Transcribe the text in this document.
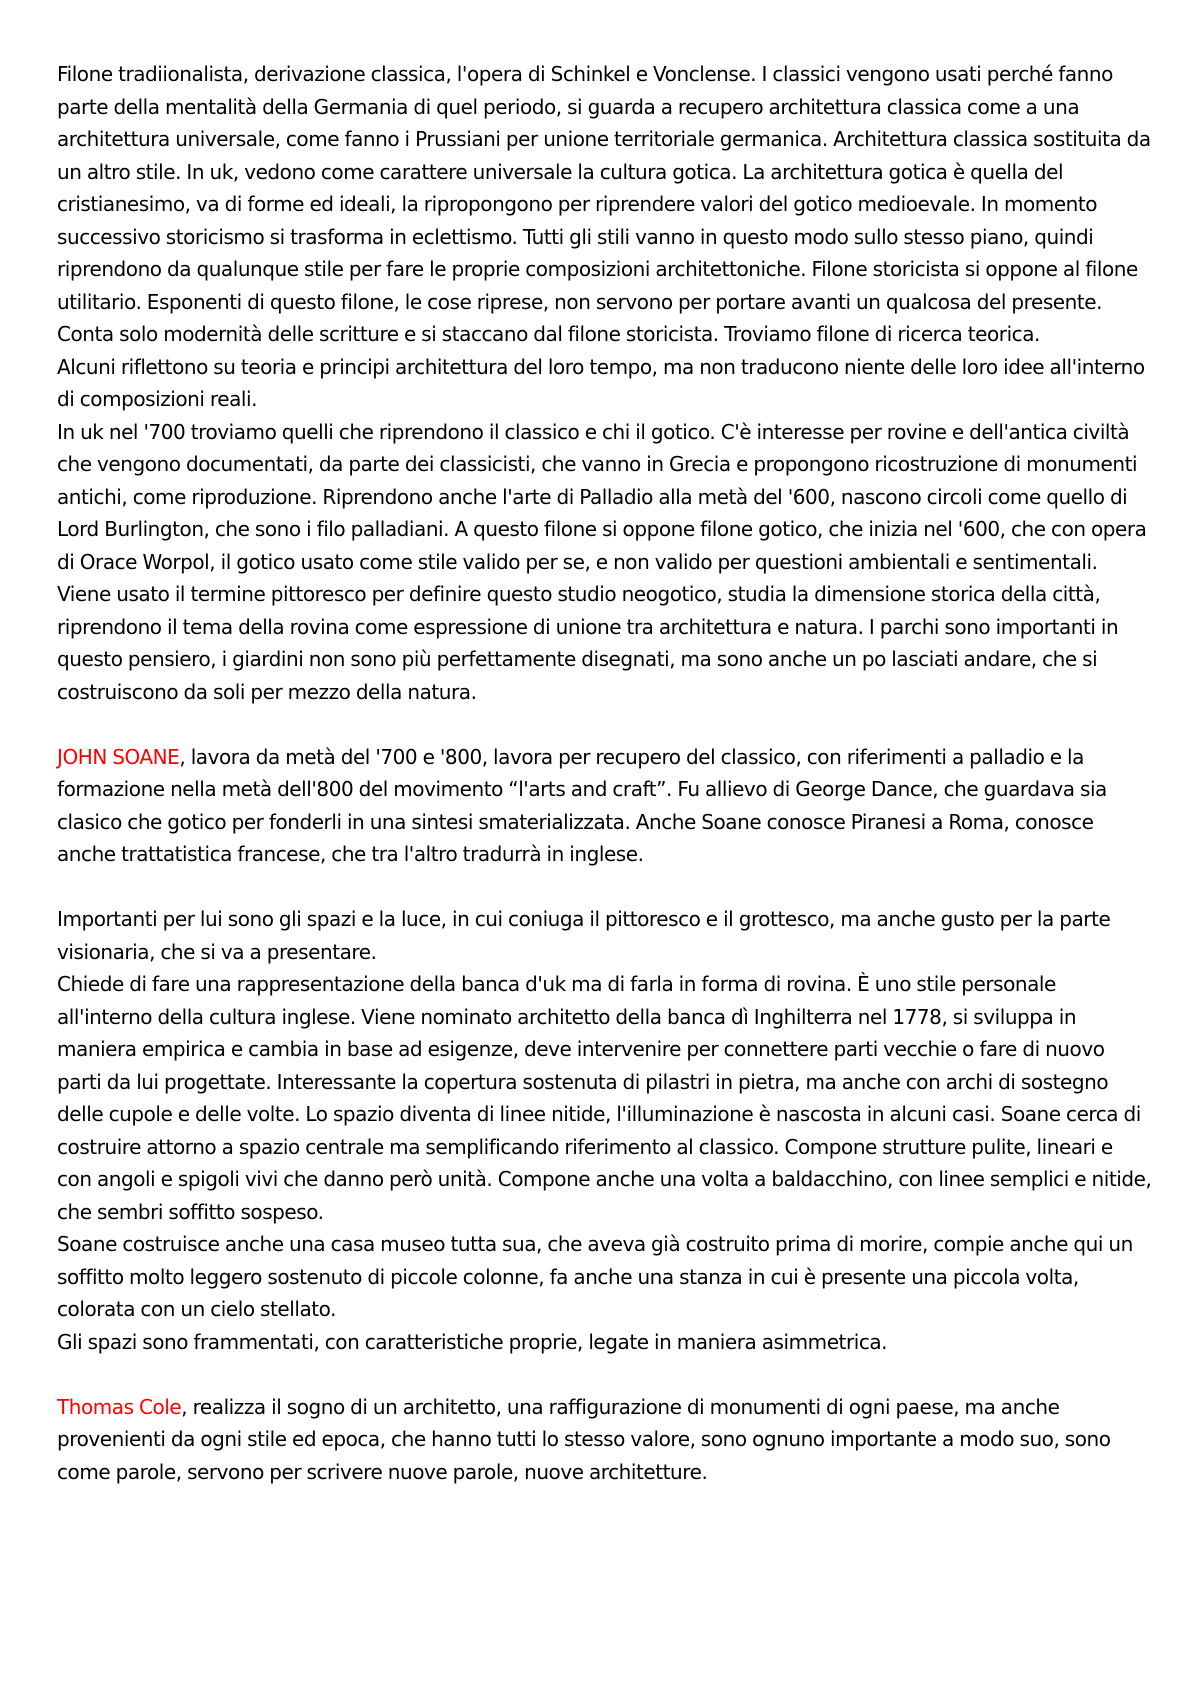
Filone tradiionalista, derivazione classica, l'opera di Schinkel e Vonclense. I classici vengono usati perché fanno parte della mentalità della Germania di quel periodo, si guarda a recupero architettura classica come a una architettura universale, come fanno i Prussiani per unione territoriale germanica. Architettura classica sostituita da un altro stile. In uk, vedono come carattere universale la cultura gotica. La architettura gotica è quella del cristianesimo, va di forme ed ideali, la ripropongono per riprendere valori del gotico medioevale. In momento successivo storicismo si trasforma in eclettismo. Tutti gli stili vanno in questo modo sullo stesso piano, quindi riprendono da qualunque stile per fare le proprie composizioni architettoniche. Filone storicista si oppone al filone utilitario. Esponenti di questo filone, le cose riprese, non servono per portare avanti un qualcosa del presente. Conta solo modernità delle scritture e si staccano dal filone storicista. Troviamo filone di ricerca teorica.

Alcuni riflettono su teoria e principi architettura del loro tempo, ma non traducono niente delle loro idee all'interno di composizioni reali.

In uk nel '700 troviamo quelli che riprendono il classico e chi il gotico. C'è interesse per rovine e dell'antica civiltà che vengono documentati, da parte dei classicisti, che vanno in Grecia e propongono ricostruzione di monumenti antichi, come riproduzione. Riprendono anche l'arte di Palladio alla metà del '600, nascono circoli come quello di Lord Burlington, che sono i filo palladiani. A questo filone si oppone filone gotico, che inizia nel '600, che con opera di Orace Worpol, il gotico usato come stile valido per se, e non valido per questioni ambientali e sentimentali. Viene usato il termine pittoresco per definire questo studio neogotico, studia la dimensione storica della città, riprendono il tema della rovina come espressione di unione tra architettura e natura. I parchi sono importanti in questo pensiero, i giardini non sono più perfettamente disegnati, ma sono anche un po lasciati andare, che si costruiscono da soli per mezzo della natura.

JOHN SOANE, lavora da metà del '700 e '800, lavora per recupero del classico, con riferimenti a palladio e la formazione nella metà dell'800 del movimento “l'arts and craft”. Fu allievo di George Dance, che guardava sia clasico che gotico per fonderli in una sintesi smaterializzata. Anche Soane conosce Piranesi a Roma, conosce anche trattatistica francese, che tra l'altro tradurrà in inglese.

Importanti per lui sono gli spazi e la luce, in cui coniuga il pittoresco e il grottesco, ma anche gusto per la parte visionaria, che si va a presentare.

Chiede di fare una rappresentazione della banca d'uk ma di farla in forma di rovina. È uno stile personale all'interno della cultura inglese. Viene nominato architetto della banca dì Inghilterra nel 1778, si sviluppa in maniera empirica e cambia in base ad esigenze, deve intervenire per connettere parti vecchie o fare di nuovo parti da lui progettate. Interessante la copertura sostenuta di pilastri in pietra, ma anche con archi di sostegno delle cupole e delle volte. Lo spazio diventa di linee nitide, l'illuminazione è nascosta in alcuni casi. Soane cerca di costruire attorno a spazio centrale ma semplificando riferimento al classico. Compone strutture pulite, lineari e con angoli e spigoli vivi che danno però unità. Compone anche una volta a baldacchino, con linee semplici e nitide, che sembri soffitto sospeso.

Soane costruisce anche una casa museo tutta sua, che aveva già costruito prima di morire, compie anche qui un soffitto molto leggero sostenuto di piccole colonne, fa anche una stanza in cui è presente una piccola volta, colorata con un cielo stellato.

Gli spazi sono frammentati, con caratteristiche proprie, legate in maniera asimmetrica.

Thomas Cole, realizza il sogno di un architetto, una raffigurazione di monumenti di ogni paese, ma anche provenienti da ogni stile ed epoca, che hanno tutti lo stesso valore, sono ognuno importante a modo suo, sono come parole, servono per scrivere nuove parole, nuove architetture.
